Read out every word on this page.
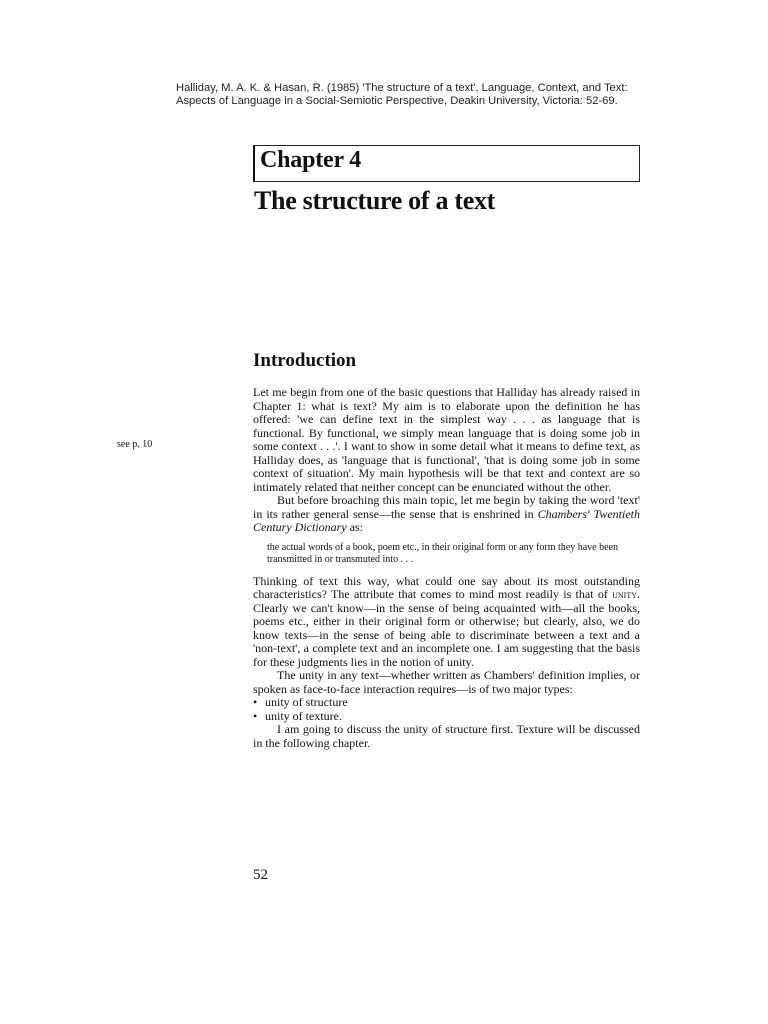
Halliday, M. A. K. & Hasan, R. (1985) 'The structure of a text', Language, Context, and Text:
Aspects of Language in a Social-Semiotic Perspective, Deakin University, Victoria: 52-69.
Chapter 4
The structure of a text
Introduction
see p. 10

Let me begin from one of the basic questions that Halliday has already raised in Chapter 1: what is text? My aim is to elaborate upon the definition he has offered: 'we can define text in the simplest way . . . as language that is functional. By functional, we simply mean language that is doing some job in some context . . .'. I want to show in some detail what it means to define text, as Halliday does, as 'language that is functional', 'that is doing some job in some context of situation'. My main hypothesis will be that text and context are so intimately related that neither concept can be enunciated without the other.

But before broaching this main topic, let me begin by taking the word 'text' in its rather general sense—the sense that is enshrined in Chambers' Twentieth Century Dictionary as:

the actual words of a book, poem etc., in their original form or any form they have been transmitted in or transmuted into . . .

Thinking of text this way, what could one say about its most outstanding characteristics? The attribute that comes to mind most readily is that of unity. Clearly we can't know—in the sense of being acquainted with—all the books, poems etc., either in their original form or otherwise; but clearly, also, we do know texts—in the sense of being able to discriminate between a text and a 'non-text', a complete text and an incomplete one. I am suggesting that the basis for these judgments lies in the notion of unity.

The unity in any text—whether written as Chambers' definition implies, or spoken as face-to-face interaction requires—is of two major types:

• unity of structure
• unity of texture.

I am going to discuss the unity of structure first. Texture will be discussed in the following chapter.

52
